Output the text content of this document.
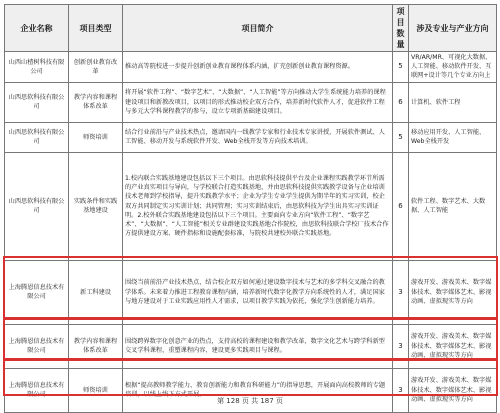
企业名称	项目类型	项目简介	项目数量	涉及专业与产业方向
山西山楂树科技有限公司	创新创业教育改革	推动高等院校进一步提升创新创业教育课程体系内涵，扩充创新创业教育课程资源。	5	VR/AR/MR、可视化大数据、人工智能、移动软件开发、互联网+设计等几个专业方向上
山西思软科技有限公司	教学内容和课程体系改革	将开展“软件工程”、“数字艺术”、“大数据”、“人工智能”等方向推动大学生系统能力培养的课程建设项目和新教改项目，以项目的形式推动校企双方合作，培养新时代软件人才，促进软件工程与多元大学科课程教学的参与，设立专项新基础建设项目。	6	计算机、软件工程
山西思软科技有限公司	师资培训	结合行业前沿与产业技术热点，邀请国内一线教学专家和行业技术专家讲授，开展软件测试、人工智能、移动开发与系统软件开发、Web全栈开发等方向技术培训。	5	移动应用开发、人工智能、Web全栈开发
山西思软科技有限公司	实践条件和实践基地建设	1.校内联合实践基地建设包括以下三个项目。由思软科技提供平台及企业课程实践教学环节所需的产业真实项目与导向，与学校联合打造实践基地，并由思软科技提供实践教学设备与企业培训技术老师到学校指导，提升实践教学水平；企业为学生专业学生提供为期半年的实习实训，校企双方共同制定实习实训计划；共同管理；实习实训结束后，由思软科技为学生出具实习实训证明。2.校外联合实践基地建设包括以下三个项目。主要面向专业方向“软件工程”、“数字艺术”、“大数据”、“人工智能”相关专业群建设实践基地合作院校，由思软科技联合学校厂技术合作方提供建设方案、硬件指标和设施配套标准，与院校共建校外联合实践基地。	6	软件工程、数字艺术、大数据、人工智能
上海腾恩信息技术有限公司	新工科建设	围绕当前前沿产业技术热点，结合校企双方如何通过建设数字技术与艺术的多学科交叉融合的教学体系。未来着力推进工程教育课程内涵，培养新时代数字化教学方向系统性的人才，满足国家与地方建设对于工业实践应用性人才需求，以项目教学实践为依托，强化学生创新能力培养。	3	游戏开发、游戏美术、数字媒体技术、数字媒体艺术、影视动画、虚拟现实等方向
上海腾恩信息技术有限公司	教学内容和课程体系改革	围绕跨界数字化创意产业的热点，支持高校的课程建设和教学改革，数字文化艺术与跨学科新型交叉学科课程，重塑课程内容、建设更多实践项目与课程。	3	游戏开发、游戏美术、数字媒体技术、数字媒体艺术、影视动画、虚拟现实等方向
上海腾恩信息技术有限公司	师资培训	根据“提高教师教学能力、教育创新能力和教育科研能力”的指导思想，开展面向高校教师的专题培训，以线上线下方式开展。	3	游戏开发、游戏美术、数字媒体技术、数字媒体艺术、影视动画、虚拟现实等方向
第 128 页 共 187 页
